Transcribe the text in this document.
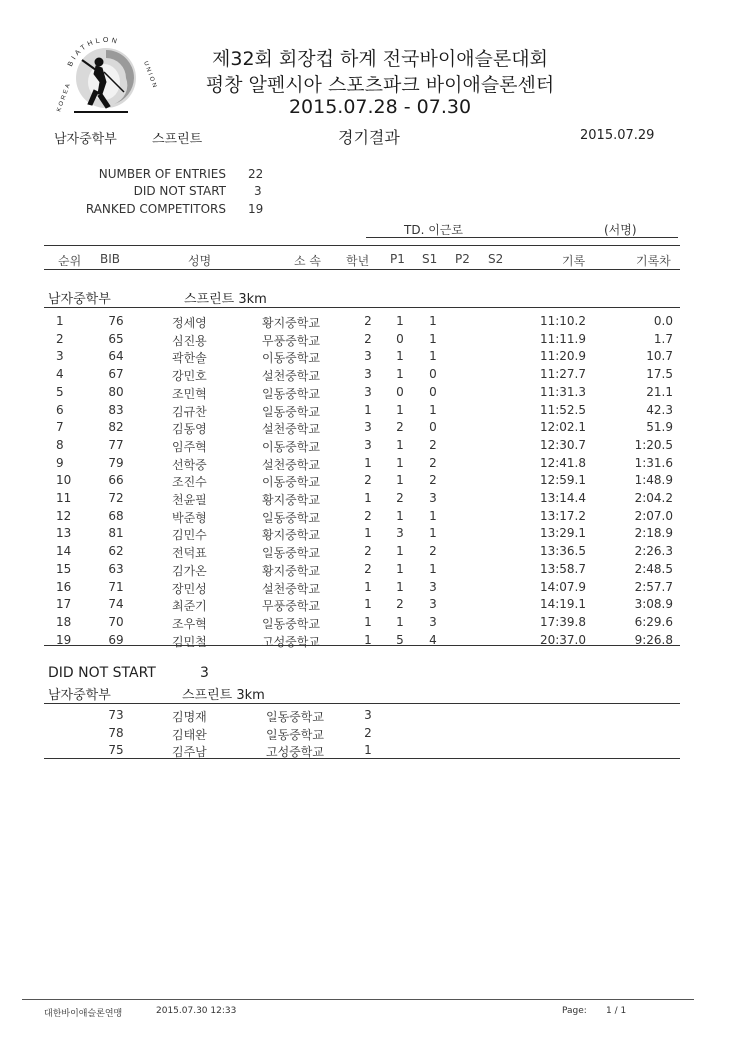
BIATHLON
KOREA
UNION
제32회 회장컵 하계 전국바이애슬론대회
평창 알펜시아 스포츠파크 바이애슬론센터
2015.07.28 - 07.30
남자중학부	스프린트	경기결과	2015.07.29
NUMBER OF ENTRIES 22
DID NOT START 3
RANKED COMPETITORS 19
TD. 이근로	(서명)
순위 BIB	성명	소 속 학년 P1 S1 P2 S2	기록	기록차
남자중학부	스프린트 3km
1	76	정세영	황지중학교	2	1	1	11:10.2	0.0
2	65	심진용	무풍중학교	2	0	1	11:11.9	1.7
3	64	곽한솔	이동중학교	3	1	1	11:20.9	10.7
4	67	강민호	설천중학교	3	1	0	11:27.7	17.5
5	80	조민혁	일동중학교	3	0	0	11:31.3	21.1
6	83	김규찬	일동중학교	1	1	1	11:52.5	42.3
7	82	김동영	설천중학교	3	2	0	12:02.1	51.9
8	77	임주혁	이동중학교	3	1	2	12:30.7	1:20.5
9	79	선학중	설천중학교	1	1	2	12:41.8	1:31.6
10	66	조진수	이동중학교	2	1	2	12:59.1	1:48.9
11	72	천윤필	황지중학교	1	2	3	13:14.4	2:04.2
12	68	박준형	일동중학교	2	1	1	13:17.2	2:07.0
13	81	김민수	황지중학교	1	3	1	13:29.1	2:18.9
14	62	전덕표	일동중학교	2	1	2	13:36.5	2:26.3
15	63	김가온	황지중학교	2	1	1	13:58.7	2:48.5
16	71	장민성	설천중학교	1	1	3	14:07.9	2:57.7
17	74	최준기	무풍중학교	1	2	3	14:19.1	3:08.9
18	70	조우혁	일동중학교	1	1	3	17:39.8	6:29.6
19	69	김민철	고성중학교	1	5	4	20:37.0	9:26.8
DID NOT START	3
남자중학부	스프린트 3km
73	김명재	일동중학교	3
78	김태완	일동중학교	2
75	김주남	고성중학교	1
대한바이애슬론연맹	2015.07.30 12:33	Page: 1 / 1
